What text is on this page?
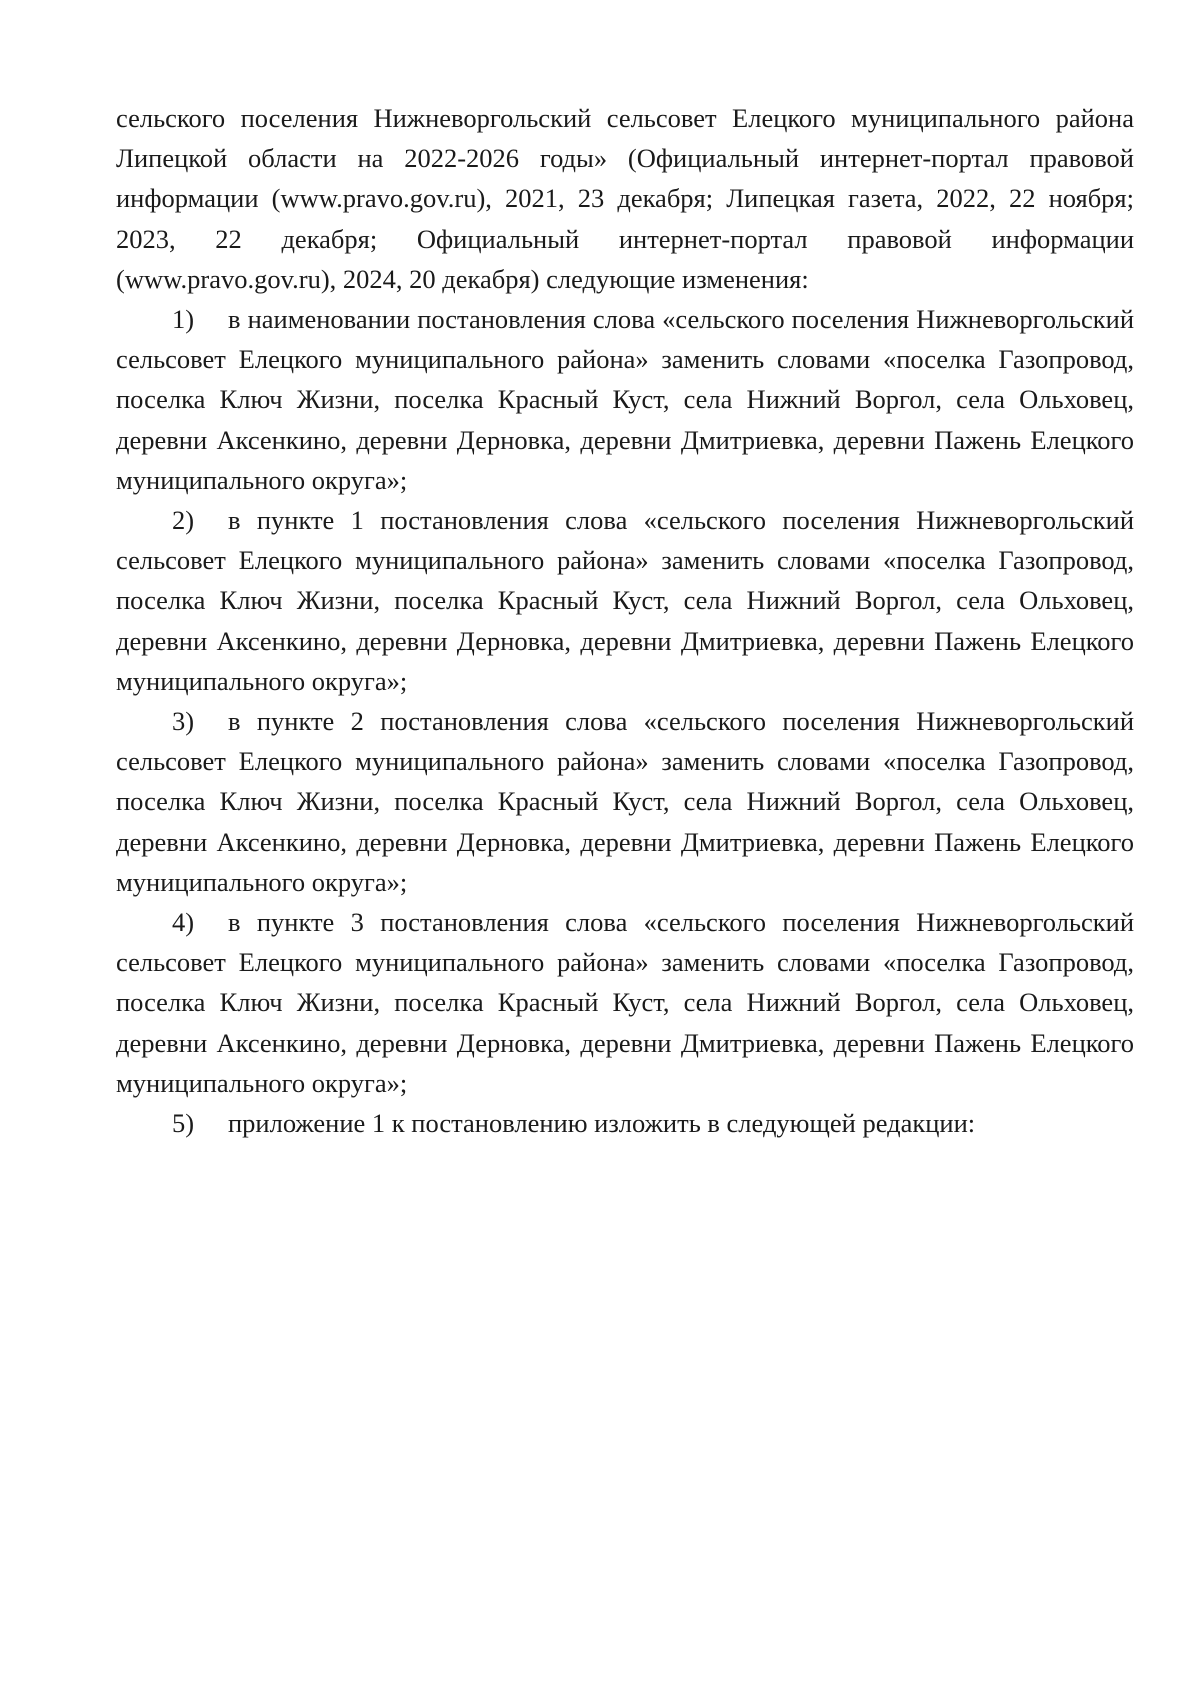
сельского поселения Нижневоргольский сельсовет Елецкого муниципального района Липецкой области на 2022-2026 годы» (Официальный интернет-портал правовой информации (www.pravo.gov.ru), 2021, 23 декабря; Липецкая газета, 2022, 22 ноября; 2023, 22 декабря; Официальный интернет-портал правовой информации (www.pravo.gov.ru), 2024, 20 декабря) следующие изменения:

1) в наименовании постановления слова «сельского поселения Нижневоргольский сельсовет Елецкого муниципального района» заменить словами «поселка Газопровод, поселка Ключ Жизни, поселка Красный Куст, села Нижний Воргол, села Ольховец, деревни Аксенкино, деревни Дерновка, деревни Дмитриевка, деревни Пажень Елецкого муниципального округа»;
2) в пункте 1 постановления слова «сельского поселения Нижневоргольский сельсовет Елецкого муниципального района» заменить словами «поселка Газопровод, поселка Ключ Жизни, поселка Красный Куст, села Нижний Воргол, села Ольховец, деревни Аксенкино, деревни Дерновка, деревни Дмитриевка, деревни Пажень Елецкого муниципального округа»;
3) в пункте 2 постановления слова «сельского поселения Нижневоргольский сельсовет Елецкого муниципального района» заменить словами «поселка Газопровод, поселка Ключ Жизни, поселка Красный Куст, села Нижний Воргол, села Ольховец, деревни Аксенкино, деревни Дерновка, деревни Дмитриевка, деревни Пажень Елецкого муниципального округа»;
4) в пункте 3 постановления слова «сельского поселения Нижневоргольский сельсовет Елецкого муниципального района» заменить словами «поселка Газопровод, поселка Ключ Жизни, поселка Красный Куст, села Нижний Воргол, села Ольховец, деревни Аксенкино, деревни Дерновка, деревни Дмитриевка, деревни Пажень Елецкого муниципального округа»;
5) приложение 1 к постановлению изложить в следующей редакции:
